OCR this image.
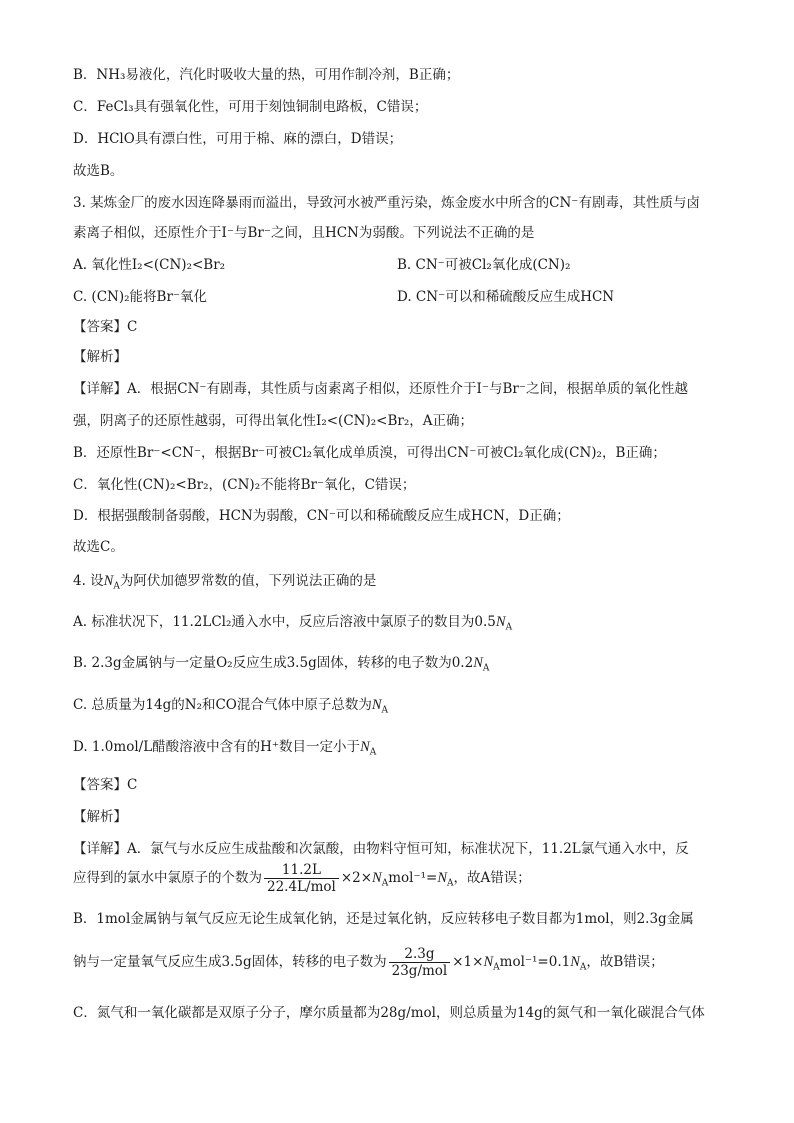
B．NH₃易液化，汽化时吸收大量的热，可用作制冷剂，B正确；
C．FeCl₃具有强氧化性，可用于刻蚀铜制电路板，C错误；
D．HClO具有漂白性，可用于棉、麻的漂白，D错误；
故选B。
3. 某炼金厂的废水因连降暴雨而溢出，导致河水被严重污染，炼金废水中所含的CN⁻有剧毒，其性质与卤
素离子相似，还原性介于I⁻与Br⁻之间，且HCN为弱酸。下列说法不正确的是
A. 氧化性I₂<(CN)₂<Br₂	B. CN⁻可被Cl₂氧化成(CN)₂
C. (CN)₂能将Br⁻氧化	D. CN⁻可以和稀硫酸反应生成HCN
【答案】C
【解析】
【详解】A．根据CN⁻有剧毒，其性质与卤素离子相似，还原性介于I⁻与Br⁻之间，根据单质的氧化性越
强，阴离子的还原性越弱，可得出氧化性I₂<(CN)₂<Br₂，A正确；
B．还原性Br⁻<CN⁻，根据Br⁻可被Cl₂氧化成单质溴，可得出CN⁻可被Cl₂氧化成(CN)₂，B正确；
C．氧化性(CN)₂<Br₂，(CN)₂不能将Br⁻氧化，C错误；
D．根据强酸制备弱酸，HCN为弱酸，CN⁻可以和稀硫酸反应生成HCN，D正确；
故选C。
4. 设$N_A$为阿伏加德罗常数的值，下列说法正确的是
A. 标准状况下，11.2LCl₂通入水中，反应后溶液中氯原子的数目为$0.5N_A$
B. 2.3g金属钠与一定量O₂反应生成3.5g固体，转移的电子数为$0.2N_A$
C. 总质量为14g的N₂和CO混合气体中原子总数为$N_A$
D. 1.0mol/L醋酸溶液中含有的H⁺数目一定小于$N_A$
【答案】C
【解析】
【详解】A．氯气与水反应生成盐酸和次氯酸，由物料守恒可知，标准状况下，11.2L氯气通入水中，反
应得到的氯水中氯原子的个数为 $\frac{11.2L}{\text{22.4L/mol}} \times 2\times N_Amol^{-1}=N_A$，故A错误；
B．1mol金属钠与氧气反应无论生成氧化钠，还是过氧化钠，反应转移电子数目都为1mol，则2.3g金属
钠与一定量氧气反应生成3.5g固体，转移的电子数为 $\frac{2.3g}{\text{23g/mol}} \times 1\times N_Amol^{-1}=0.1N_A$，故B错误；
C．氮气和一氧化碳都是双原子分子，摩尔质量都为28g/mol，则总质量为14g的氮气和一氧化碳混合气体
